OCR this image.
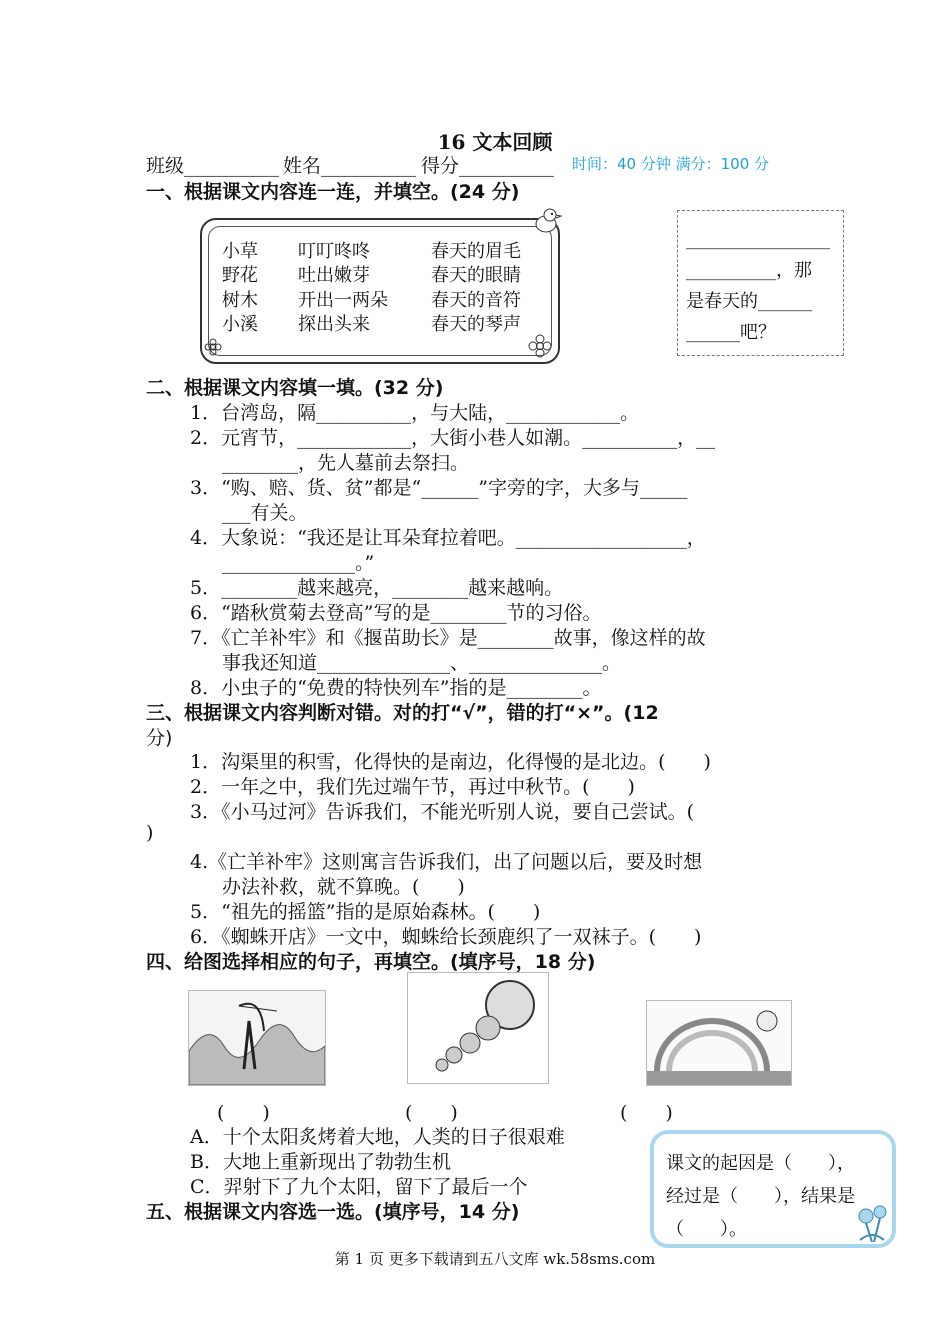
16 文本回顾
班级__________ 姓名__________ 得分__________ 时间：40 分钟 满分：100 分
一、根据课文内容连一连，并填空。(24 分)
小草
野花
树木
小溪
叮叮咚咚
吐出嫩芽
开出一两朵
探出头来
春天的眉毛
春天的眼睛
春天的音符
春天的琴声
________________
__________，那
是春天的______
______吧？
二、根据课文内容填一填。(32 分)
1．台湾岛，隔__________，与大陆，____________。
2．元宵节，____________，大街小巷人如潮。__________，__
________，先人墓前去祭扫。
3．“购、赔、货、贫”都是“______”字旁的字，大多与_____
___有关。
4．大象说：“我还是让耳朵耷拉着吧。__________________，
______________。”
5．________越来越亮，________越来越响。
6．“踏秋赏菊去登高”写的是________节的习俗。
7．《亡羊补牢》和《揠苗助长》是________故事，像这样的故
事我还知道______________、______________。
8．小虫子的“免费的特快列车”指的是________。
三、根据课文内容判断对错。对的打“√”，错的打“×”。(12
分)
1．沟渠里的积雪，化得快的是南边，化得慢的是北边。(　　)
2．一年之中，我们先过端午节，再过中秋节。(　　)
3．《小马过河》告诉我们，不能光听别人说，要自己尝试。(
)
4.《亡羊补牢》这则寓言告诉我们，出了问题以后，要及时想
办法补救，就不算晚。(　　)
5．“祖先的摇篮”指的是原始森林。(　　)
6．《蜘蛛开店》一文中，蜘蛛给长颈鹿织了一双袜子。(　　)
四、给图选择相应的句子，再填空。(填序号，18 分)
(　　)	(　　)	(　　)
A．十个太阳炙烤着大地，人类的日子很艰难
B．大地上重新现出了勃勃生机
C．羿射下了九个太阳，留下了最后一个
课文的起因是（　　），
经过是（　　），结果是
（　　）。
五、根据课文内容选一选。(填序号，14 分)
第 1 页 更多下载请到五八文库 wk.58sms.com
